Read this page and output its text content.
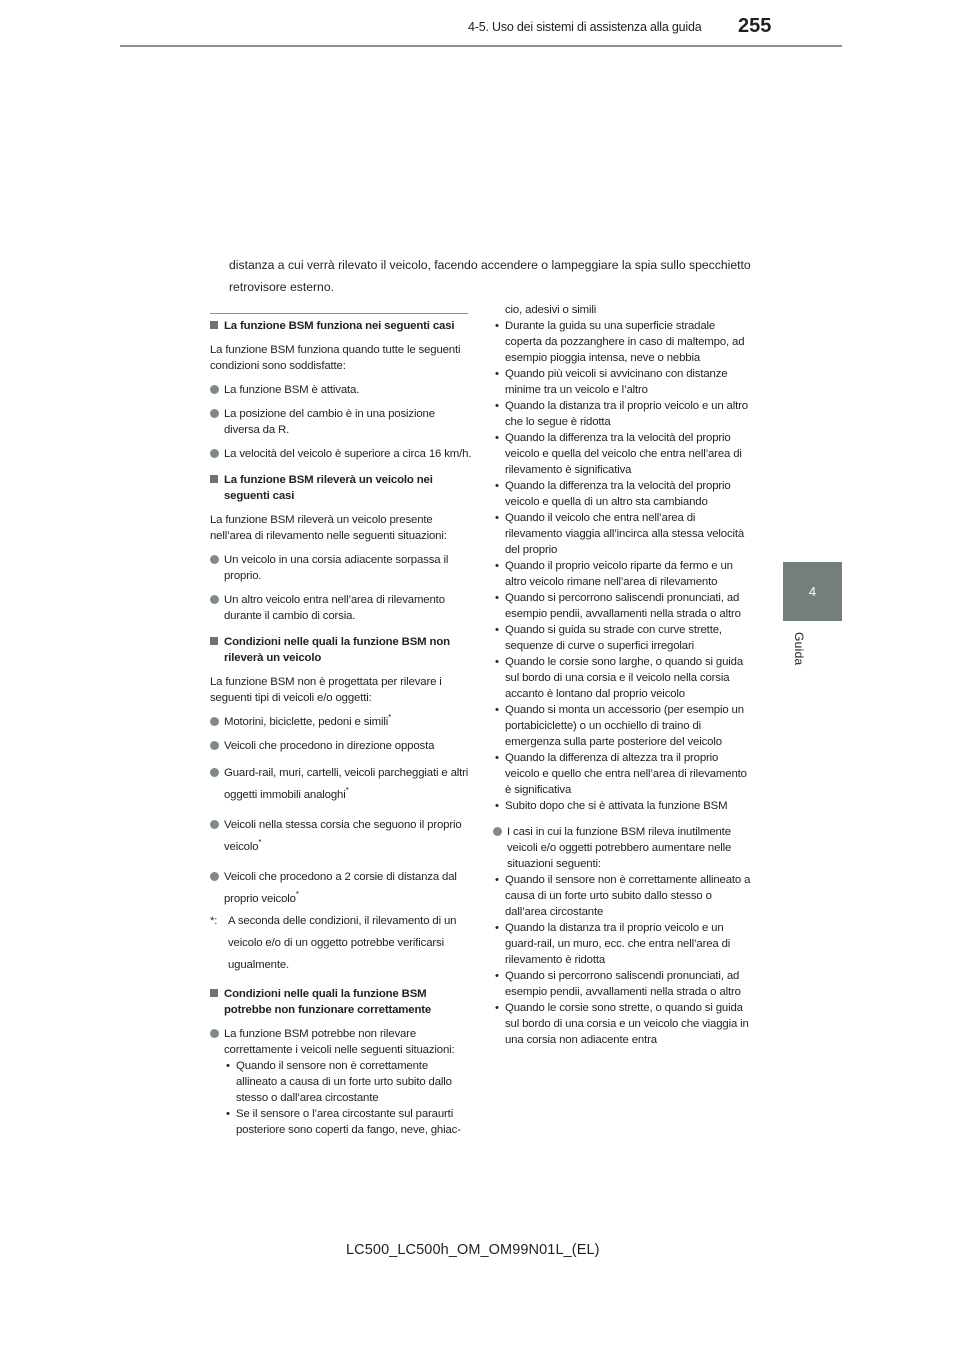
4-5. Uso dei sistemi di assistenza alla guida 255
4
Guida
distanza a cui verrà rilevato il veicolo, facendo accendere o lampeggiare la spia sullo specchietto retrovisore esterno.
La funzione BSM funziona nei seguenti casi
La funzione BSM funziona quando tutte le seguenti condizioni sono soddisfatte:
La funzione BSM è attivata.
La posizione del cambio è in una posizione diversa da R.
La velocità del veicolo è superiore a circa 16 km/h.
La funzione BSM rileverà un veicolo nei seguenti casi
La funzione BSM rileverà un veicolo presente nell’area di rilevamento nelle seguenti situazioni:
Un veicolo in una corsia adiacente sorpassa il proprio.
Un altro veicolo entra nell’area di rilevamento durante il cambio di corsia.
Condizioni nelle quali la funzione BSM non rileverà un veicolo
La funzione BSM non è progettata per rilevare i seguenti tipi di veicoli e/o oggetti:
Motorini, biciclette, pedoni e simili*
Veicoli che procedono in direzione opposta
Guard-rail, muri, cartelli, veicoli parcheggiati e altri oggetti immobili analoghi*
Veicoli nella stessa corsia che seguono il proprio veicolo*
Veicoli che procedono a 2 corsie di distanza dal proprio veicolo*
*: A seconda delle condizioni, il rilevamento di un veicolo e/o di un oggetto potrebbe verificarsi ugualmente.
Condizioni nelle quali la funzione BSM potrebbe non funzionare correttamente
La funzione BSM potrebbe non rilevare correttamente i veicoli nelle seguenti situazioni:
• Quando il sensore non è correttamente allineato a causa di un forte urto subito dallo stesso o dall’area circostante
• Se il sensore o l’area circostante sul paraurti posteriore sono coperti da fango, neve, ghiac-
cio, adesivi o simili
• Durante la guida su una superficie stradale coperta da pozzanghere in caso di maltempo, ad esempio pioggia intensa, neve o nebbia
• Quando più veicoli si avvicinano con distanze minime tra un veicolo e l’altro
• Quando la distanza tra il proprio veicolo e un altro che lo segue è ridotta
• Quando la differenza tra la velocità del proprio veicolo e quella del veicolo che entra nell’area di rilevamento è significativa
• Quando la differenza tra la velocità del proprio veicolo e quella di un altro sta cambiando
• Quando il veicolo che entra nell’area di rilevamento viaggia all’incirca alla stessa velocità del proprio
• Quando il proprio veicolo riparte da fermo e un altro veicolo rimane nell’area di rilevamento
• Quando si percorrono saliscendi pronunciati, ad esempio pendii, avvallamenti nella strada o altro
• Quando si guida su strade con curve strette, sequenze di curve o superfici irregolari
• Quando le corsie sono larghe, o quando si guida sul bordo di una corsia e il veicolo nella corsia accanto è lontano dal proprio veicolo
• Quando si monta un accessorio (per esempio un portabiciclette) o un occhiello di traino di emergenza sulla parte posteriore del veicolo
• Quando la differenza di altezza tra il proprio veicolo e quello che entra nell’area di rilevamento è significativa
• Subito dopo che si è attivata la funzione BSM
I casi in cui la funzione BSM rileva inutilmente veicoli e/o oggetti potrebbero aumentare nelle situazioni seguenti:
• Quando il sensore non è correttamente allineato a causa di un forte urto subito dallo stesso o dall’area circostante
• Quando la distanza tra il proprio veicolo e un guard-rail, un muro, ecc. che entra nell’area di rilevamento è ridotta
• Quando si percorrono saliscendi pronunciati, ad esempio pendii, avvallamenti nella strada o altro
• Quando le corsie sono strette, o quando si guida sul bordo di una corsia e un veicolo che viaggia in una corsia non adiacente entra
LC500_LC500h_OM_OM99N01L_(EL)
